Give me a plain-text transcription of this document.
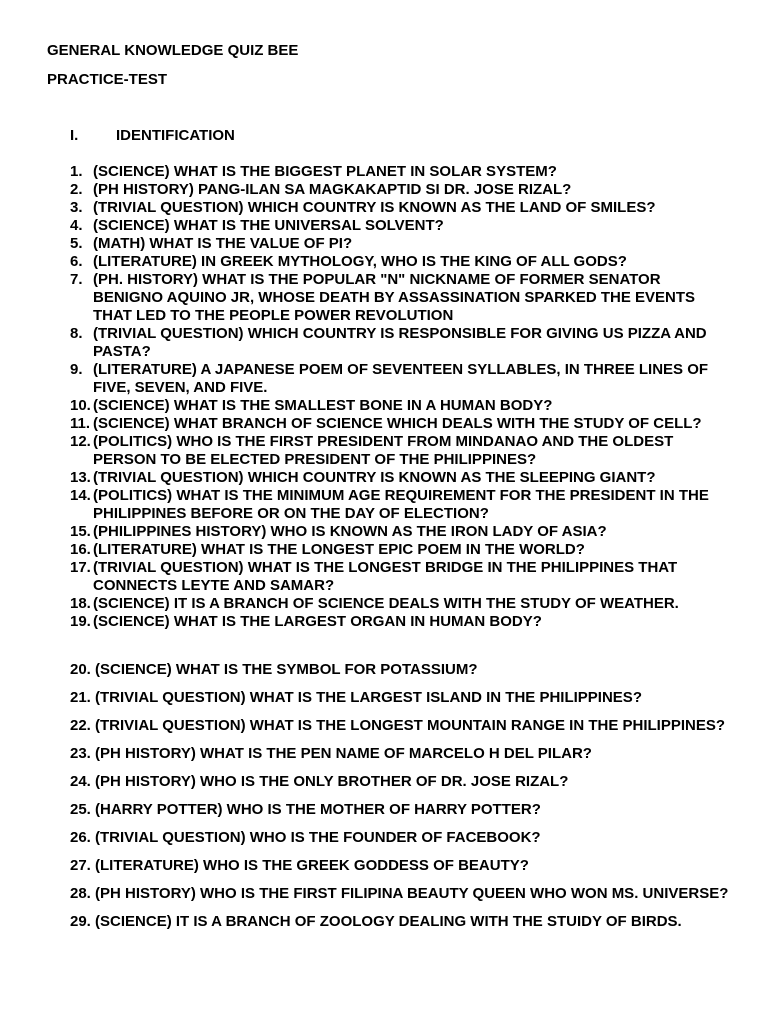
GENERAL KNOWLEDGE QUIZ BEE
PRACTICE-TEST
I.	IDENTIFICATION
1. (SCIENCE) WHAT IS THE BIGGEST PLANET IN SOLAR SYSTEM?
2. (PH HISTORY) PANG-ILAN SA MAGKAKAPTID SI DR. JOSE RIZAL?
3. (TRIVIAL QUESTION) WHICH COUNTRY IS KNOWN AS THE LAND OF SMILES?
4. (SCIENCE) WHAT IS THE UNIVERSAL SOLVENT?
5. (MATH) WHAT IS THE VALUE OF PI?
6. (LITERATURE) IN GREEK MYTHOLOGY, WHO IS THE KING OF ALL GODS?
7. (PH. HISTORY) WHAT IS THE POPULAR "N" NICKNAME OF FORMER SENATOR BENIGNO AQUINO JR, WHOSE DEATH BY ASSASSINATION SPARKED THE EVENTS THAT LED TO THE PEOPLE POWER REVOLUTION
8. (TRIVIAL QUESTION) WHICH COUNTRY IS RESPONSIBLE FOR GIVING US PIZZA AND PASTA?
9. (LITERATURE) A JAPANESE POEM OF SEVENTEEN SYLLABLES, IN THREE LINES OF FIVE, SEVEN, AND FIVE.
10. (SCIENCE) WHAT IS THE SMALLEST BONE IN A HUMAN BODY?
11. (SCIENCE) WHAT BRANCH OF SCIENCE WHICH DEALS WITH THE STUDY OF CELL?
12. (POLITICS) WHO IS THE FIRST PRESIDENT FROM MINDANAO AND THE OLDEST PERSON TO BE ELECTED PRESIDENT OF THE PHILIPPINES?
13. (TRIVIAL QUESTION) WHICH COUNTRY IS KNOWN AS THE SLEEPING GIANT?
14. (POLITICS) WHAT IS THE MINIMUM AGE REQUIREMENT FOR THE PRESIDENT IN THE PHILIPPINES BEFORE OR ON THE DAY OF ELECTION?
15. (PHILIPPINES HISTORY) WHO IS KNOWN AS THE IRON LADY OF ASIA?
16. (LITERATURE) WHAT IS THE LONGEST EPIC POEM IN THE WORLD?
17. (TRIVIAL QUESTION) WHAT IS THE LONGEST BRIDGE IN THE PHILIPPINES THAT CONNECTS LEYTE AND SAMAR?
18. (SCIENCE) IT IS A BRANCH OF SCIENCE DEALS WITH THE STUDY OF WEATHER.
19. (SCIENCE) WHAT IS THE LARGEST ORGAN IN HUMAN BODY?
20. (SCIENCE) WHAT IS THE SYMBOL FOR POTASSIUM?
21. (TRIVIAL QUESTION) WHAT IS THE LARGEST ISLAND IN THE PHILIPPINES?
22. (TRIVIAL QUESTION) WHAT IS THE LONGEST MOUNTAIN RANGE IN THE PHILIPPINES?
23. (PH HISTORY) WHAT IS THE PEN NAME OF MARCELO H DEL PILAR?
24. (PH HISTORY) WHO IS THE ONLY BROTHER OF DR. JOSE RIZAL?
25. (HARRY POTTER) WHO IS THE MOTHER OF HARRY POTTER?
26. (TRIVIAL QUESTION) WHO IS THE FOUNDER OF FACEBOOK?
27. (LITERATURE) WHO IS THE GREEK GODDESS OF BEAUTY?
28. (PH HISTORY) WHO IS THE FIRST FILIPINA BEAUTY QUEEN WHO WON MS. UNIVERSE?
29. (SCIENCE) IT IS A BRANCH OF ZOOLOGY DEALING WITH THE STUIDY OF BIRDS.
